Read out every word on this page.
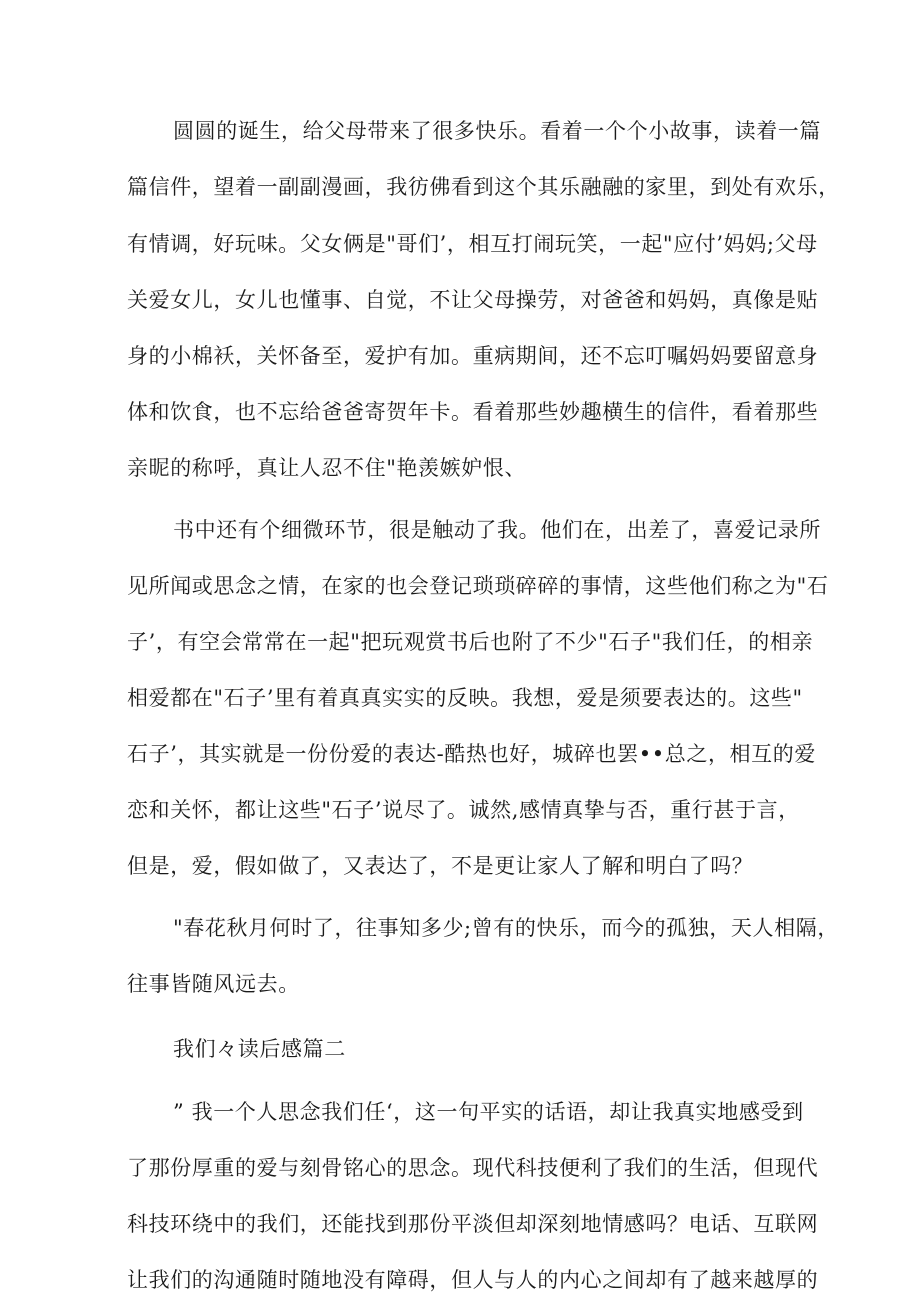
圆圆的诞生，给父母带来了很多快乐。看着一个个小故事，读着一篇

篇信件，望着一副副漫画，我彷佛看到这个其乐融融的家里，到处有欢乐，

有情调，好玩味。父女俩是"哥们’，相互打闹玩笑，一起"应付’妈妈;父母

关爱女儿，女儿也懂事、自觉，不让父母操劳，对爸爸和妈妈，真像是贴

身的小棉袄，关怀备至，爱护有加。重病期间，还不忘叮嘱妈妈要留意身

体和饮食，也不忘给爸爸寄贺年卡。看着那些妙趣横生的信件，看着那些

亲昵的称呼，真让人忍不住"艳羡嫉妒恨、

书中还有个细微环节，很是触动了我。他们在，出差了，喜爱记录所

见所闻或思念之情，在家的也会登记琐琐碎碎的事情，这些他们称之为"石

子’，有空会常常在一起"把玩观赏书后也附了不少"石子"我们任，的相亲

相爱都在"石子’里有着真真实实的反映。我想，爱是须要表达的。这些"

石子’，其实就是一份份爱的表达-酷热也好，城碎也罢••总之，相互的爱

恋和关怀，都让这些"石子’说尽了。诚然,感情真挚与否，重行甚于言，

但是，爱，假如做了，又表达了，不是更让家人了解和明白了吗？

"春花秋月何时了，往事知多少;曾有的快乐，而今的孤独，天人相隔，

往事皆随风远去。

我们々读后感篇二

” 我一个人思念我们任‘，这一句平实的话语，却让我真实地感受到

了那份厚重的爱与刻骨铭心的思念。现代科技便利了我们的生活，但现代

科技环绕中的我们，还能找到那份平淡但却深刻地情感吗？电话、互联网

让我们的沟通随时随地没有障碍，但人与人的内心之间却有了越来越厚的
